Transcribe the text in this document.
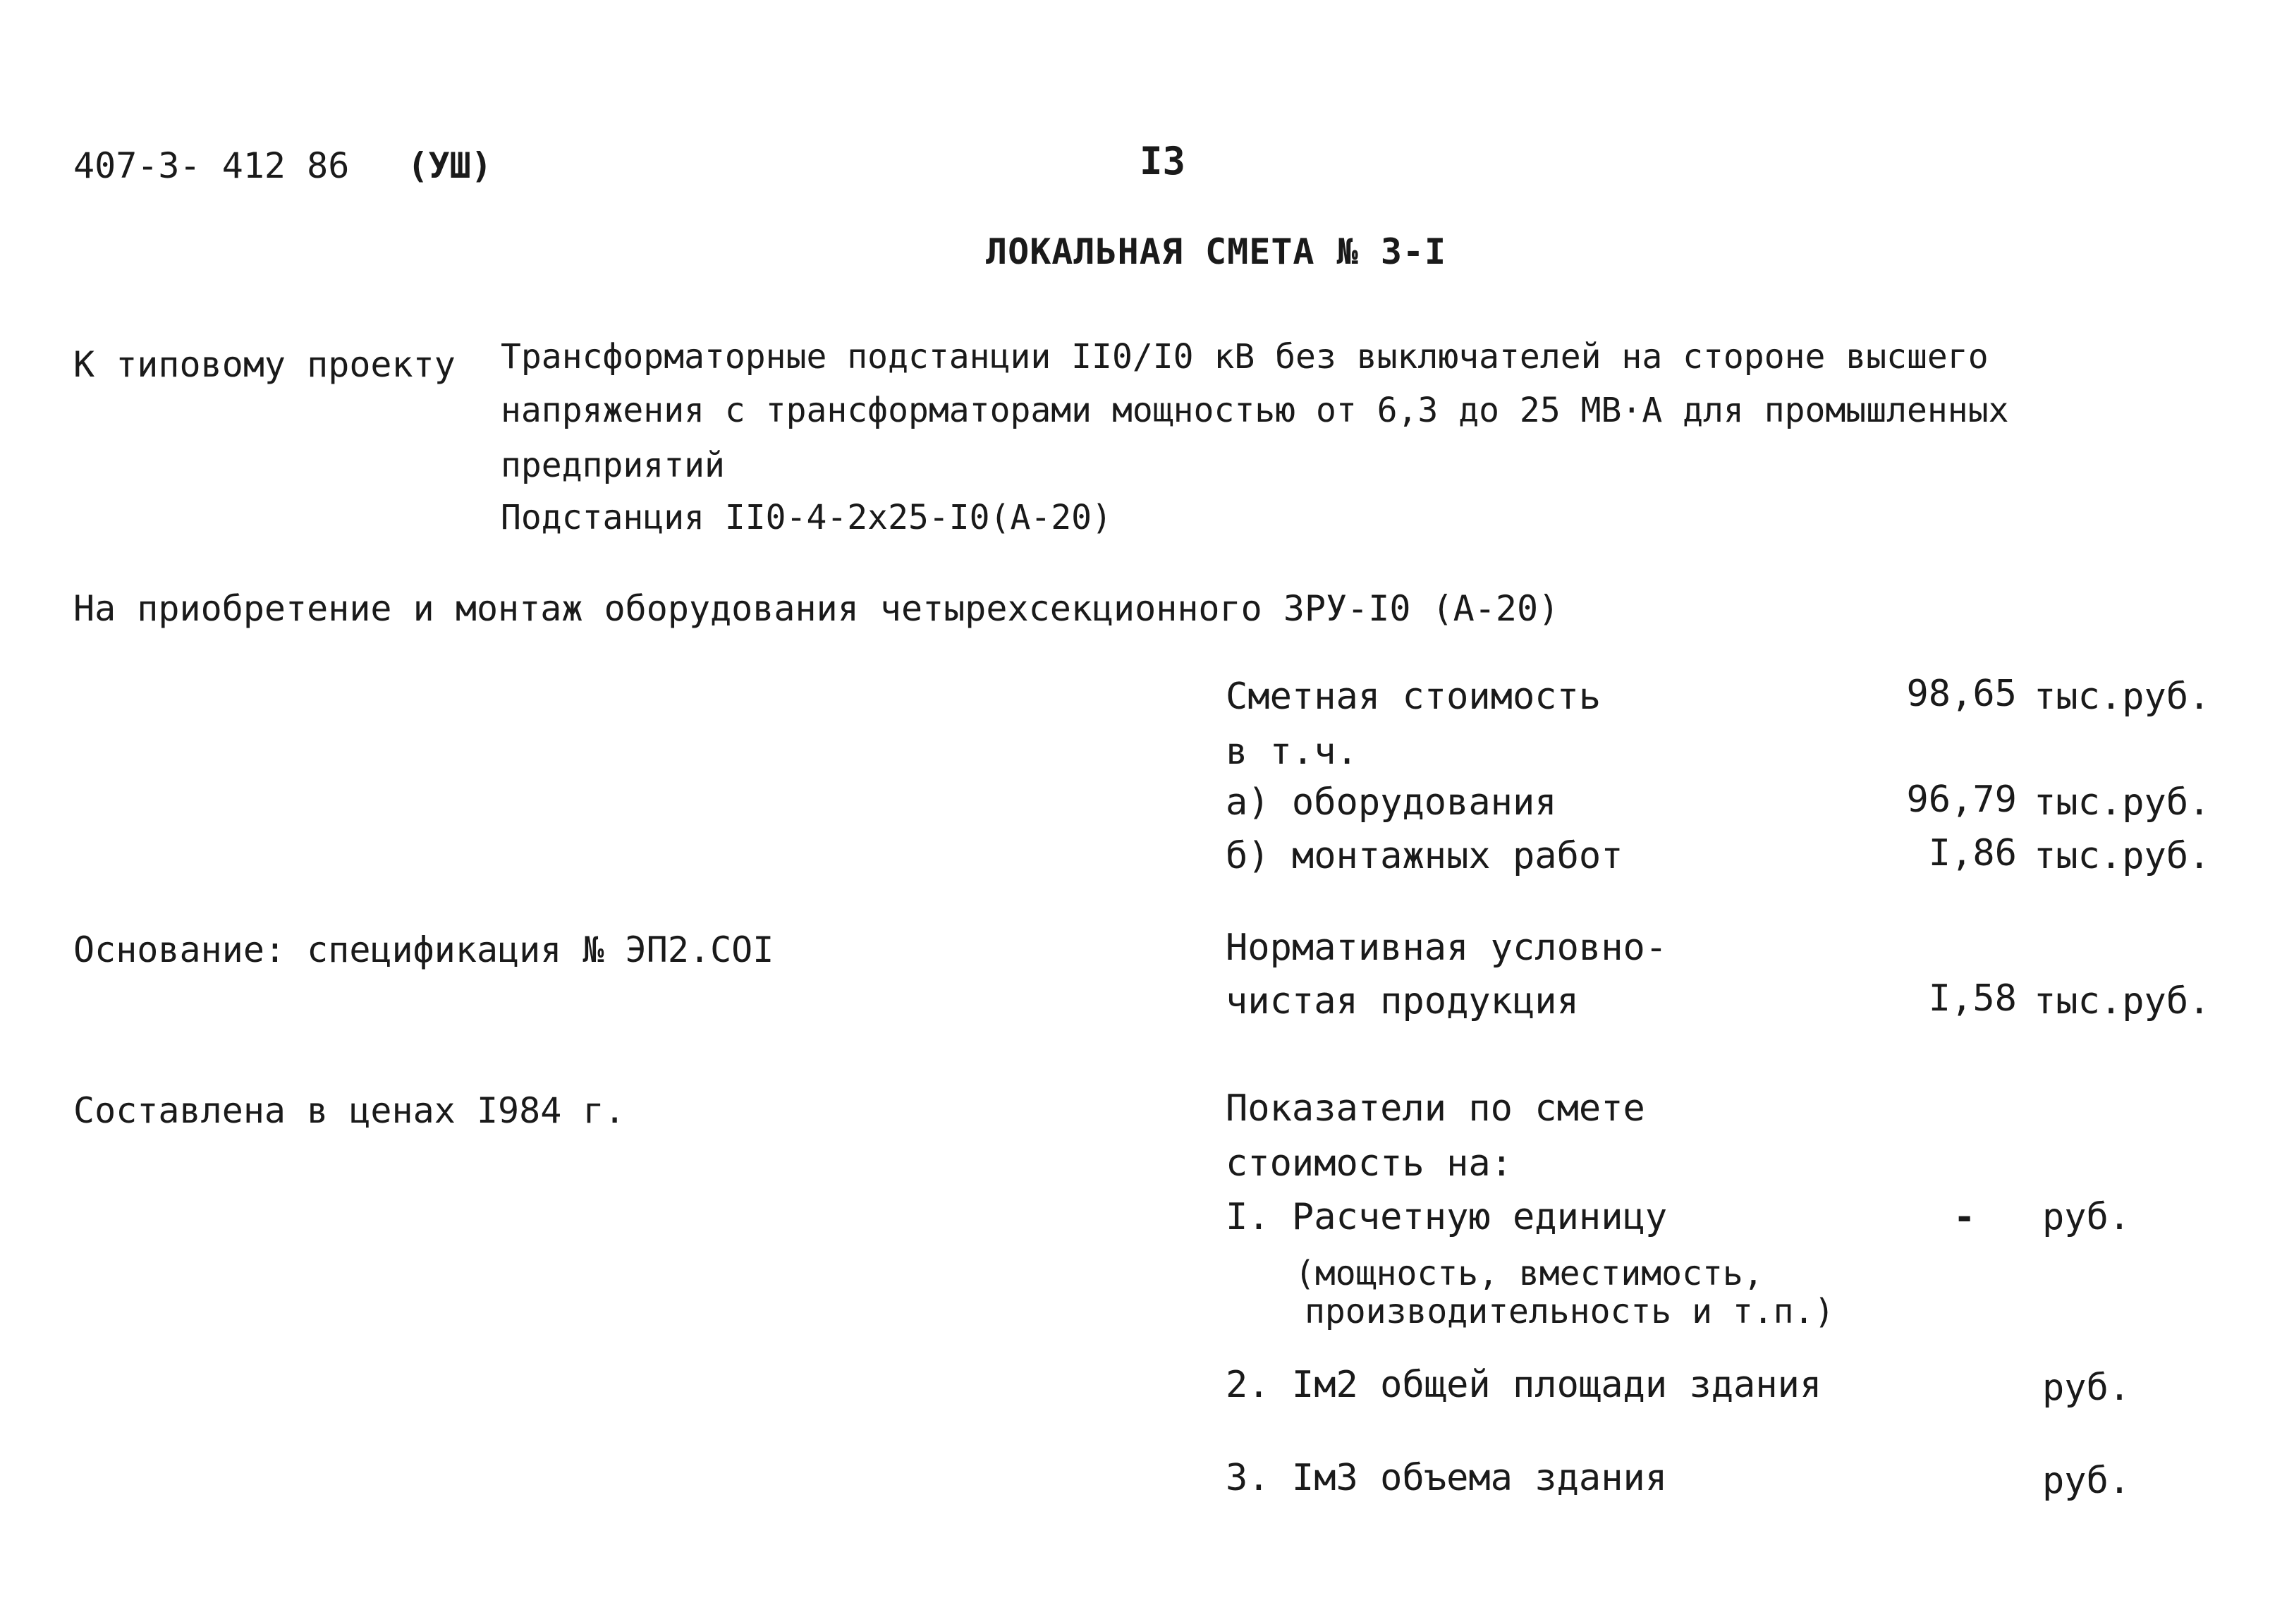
407-3- 412 86 (УШ)	I3
ЛОКАЛЬНАЯ СМЕТА № 3-I
К типовому проекту Трансформаторные подстанции II0/I0 кВ без выключателей на стороне высшего
напряжения с трансформаторами мощностью от 6,3 до 25 МВ·А для промышленных
предприятий
Подстанция II0-4-2х25-I0(А-20)
На приобретение и монтаж оборудования четырехсекционного ЗРУ-I0 (А-20)
Сметная стоимость	98,65 тыс.руб.
в т.ч.
а) оборудования	96,79 тыс.руб.
б) монтажных работ	I,86 тыс.руб.
Основание: спецификация № ЭП2.COI	Нормативная условно-
чистая продукция	I,58 тыс.руб.
Составлена в ценах I984 г.	Показатели по смете
стоимость на:
I. Расчетную единицу	- руб.
(мощность, вместимость,
производительность и т.п.)
2. Iм2 общей площади здания	руб.
3. Iм3 объема здания	руб.
